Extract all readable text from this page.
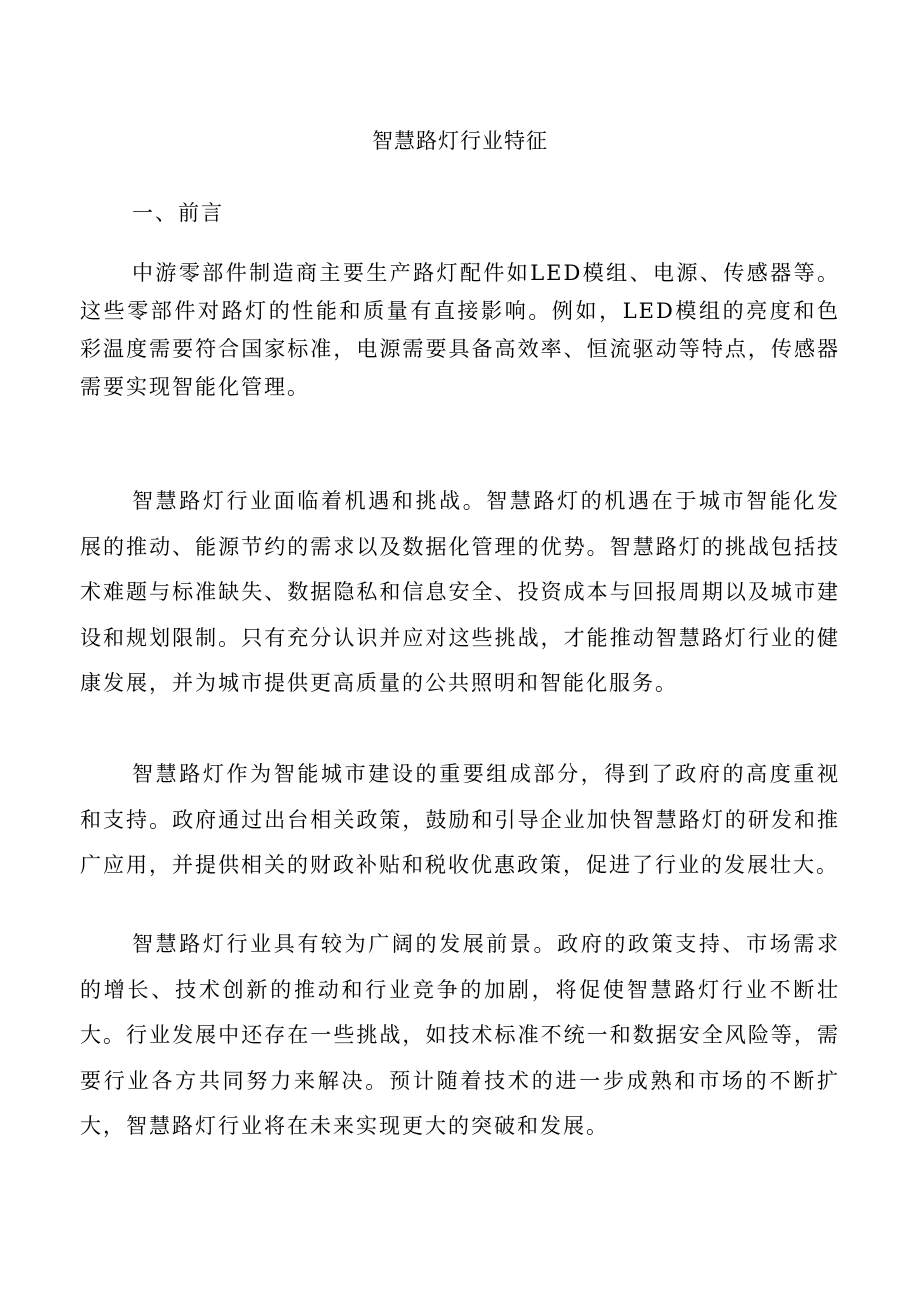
智慧路灯行业特征
一、前言

中游零部件制造商主要生产路灯配件如LED模组、电源、传感器等。这些零部件对路灯的性能和质量有直接影响。例如，LED模组的亮度和色彩温度需要符合国家标准，电源需要具备高效率、恒流驱动等特点，传感器需要实现智能化管理。

智慧路灯行业面临着机遇和挑战。智慧路灯的机遇在于城市智能化发展的推动、能源节约的需求以及数据化管理的优势。智慧路灯的挑战包括技术难题与标准缺失、数据隐私和信息安全、投资成本与回报周期以及城市建设和规划限制。只有充分认识并应对这些挑战，才能推动智慧路灯行业的健康发展，并为城市提供更高质量的公共照明和智能化服务。

智慧路灯作为智能城市建设的重要组成部分，得到了政府的高度重视和支持。政府通过出台相关政策，鼓励和引导企业加快智慧路灯的研发和推广应用，并提供相关的财政补贴和税收优惠政策，促进了行业的发展壮大。

智慧路灯行业具有较为广阔的发展前景。政府的政策支持、市场需求的增长、技术创新的推动和行业竞争的加剧，将促使智慧路灯行业不断壮大。行业发展中还存在一些挑战，如技术标准不统一和数据安全风险等，需要行业各方共同努力来解决。预计随着技术的进一步成熟和市场的不断扩大，智慧路灯行业将在未来实现更大的突破和发展。
